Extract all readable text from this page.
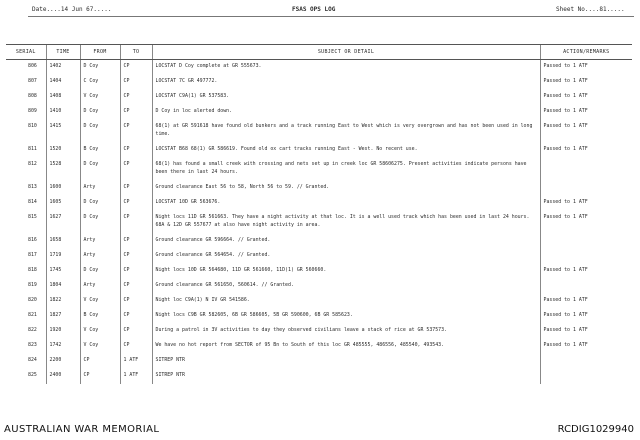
Date....14 Jun 67.....	FSAS OPS LOG	Sheet No....81.....
SERIAL	TIME	FROM	TO	SUBJECT OR DETAIL	ACTION/REMARKS
806	1402	D Coy	CP	LOCSTAT D Coy complete at GR 555673.	Passed to 1 ATF
807	1404	C Coy	CP	LOCSTAT 7C GR 497772.	Passed to 1 ATF
808	1408	V Coy	CP	LOCSTAT C9A(1) GR 537583.	Passed to 1 ATF
809	1410	D Coy	CP	D Coy in loc alerted down.	Passed to 1 ATF
810	1415	D Coy	CP	68(1) at GR 591618 have found old bunkers and a track running East to West which is very overgrown and has not been used in long time.	Passed to 1 ATF
811	1520	B Coy	CP	LOCSTAT B68 68(1) GR 586619. Found old ox cart tracks running East - West. No recent use.	Passed to 1 ATF
812	1528	D Coy	CP	68(1) has found a small creek with crossing and nets set up in creek loc GR 58606275. Present activities indicate persons have been there in last 24 hours.	
813	1600	Arty	CP	Ground clearance East 56 to 58, North 56 to 59. // Granted.	
814	1605	D Coy	CP	LOCSTAT 10D GR 563676.	Passed to 1 ATF
815	1627	D Coy	CP	Night locs 11D GR 561663. They have a night activity at that loc. It is a well used track which has been used in last 24 hours. 68A & 12D GR 557677 at also have night activity in area.	Passed to 1 ATF
816	1658	Arty	CP	Ground clearance GR 596664. // Granted.	
817	1719	Arty	CP	Ground clearance GR 564654. // Granted.	
818	1745	D Coy	CP	Night locs 10D GR 564680, 11D GR 561660, 11D(1) GR 560660.	Passed to 1 ATF
819	1804	Arty	CP	Ground clearance GR 561650, 560614. // Granted.	
820	1822	V Coy	CP	Night loc C9A(1) N IV GR 541586.	Passed to 1 ATF
821	1827	B Coy	CP	Night locs C9B GR 582605, 6B GR 586605, 5B GR 590600, 6B GR 585623.	Passed to 1 ATF
822	1920	V Coy	CP	During a patrol in 3V activities to day they observed civilians leave a stack of rice at GR 537573.	Passed to 1 ATF
823	1742	V Coy	CP	We have no hot report from SECTOR of 95 Bn to South of this loc GR 485555, 486556, 485540, 493543.	Passed to 1 ATF
824	2200	CP	1 ATF	SITREP NTR	
825	2400	CP	1 ATF	SITREP NTR	
AUSTRALIAN WAR MEMORIAL	RCDIG1029940
